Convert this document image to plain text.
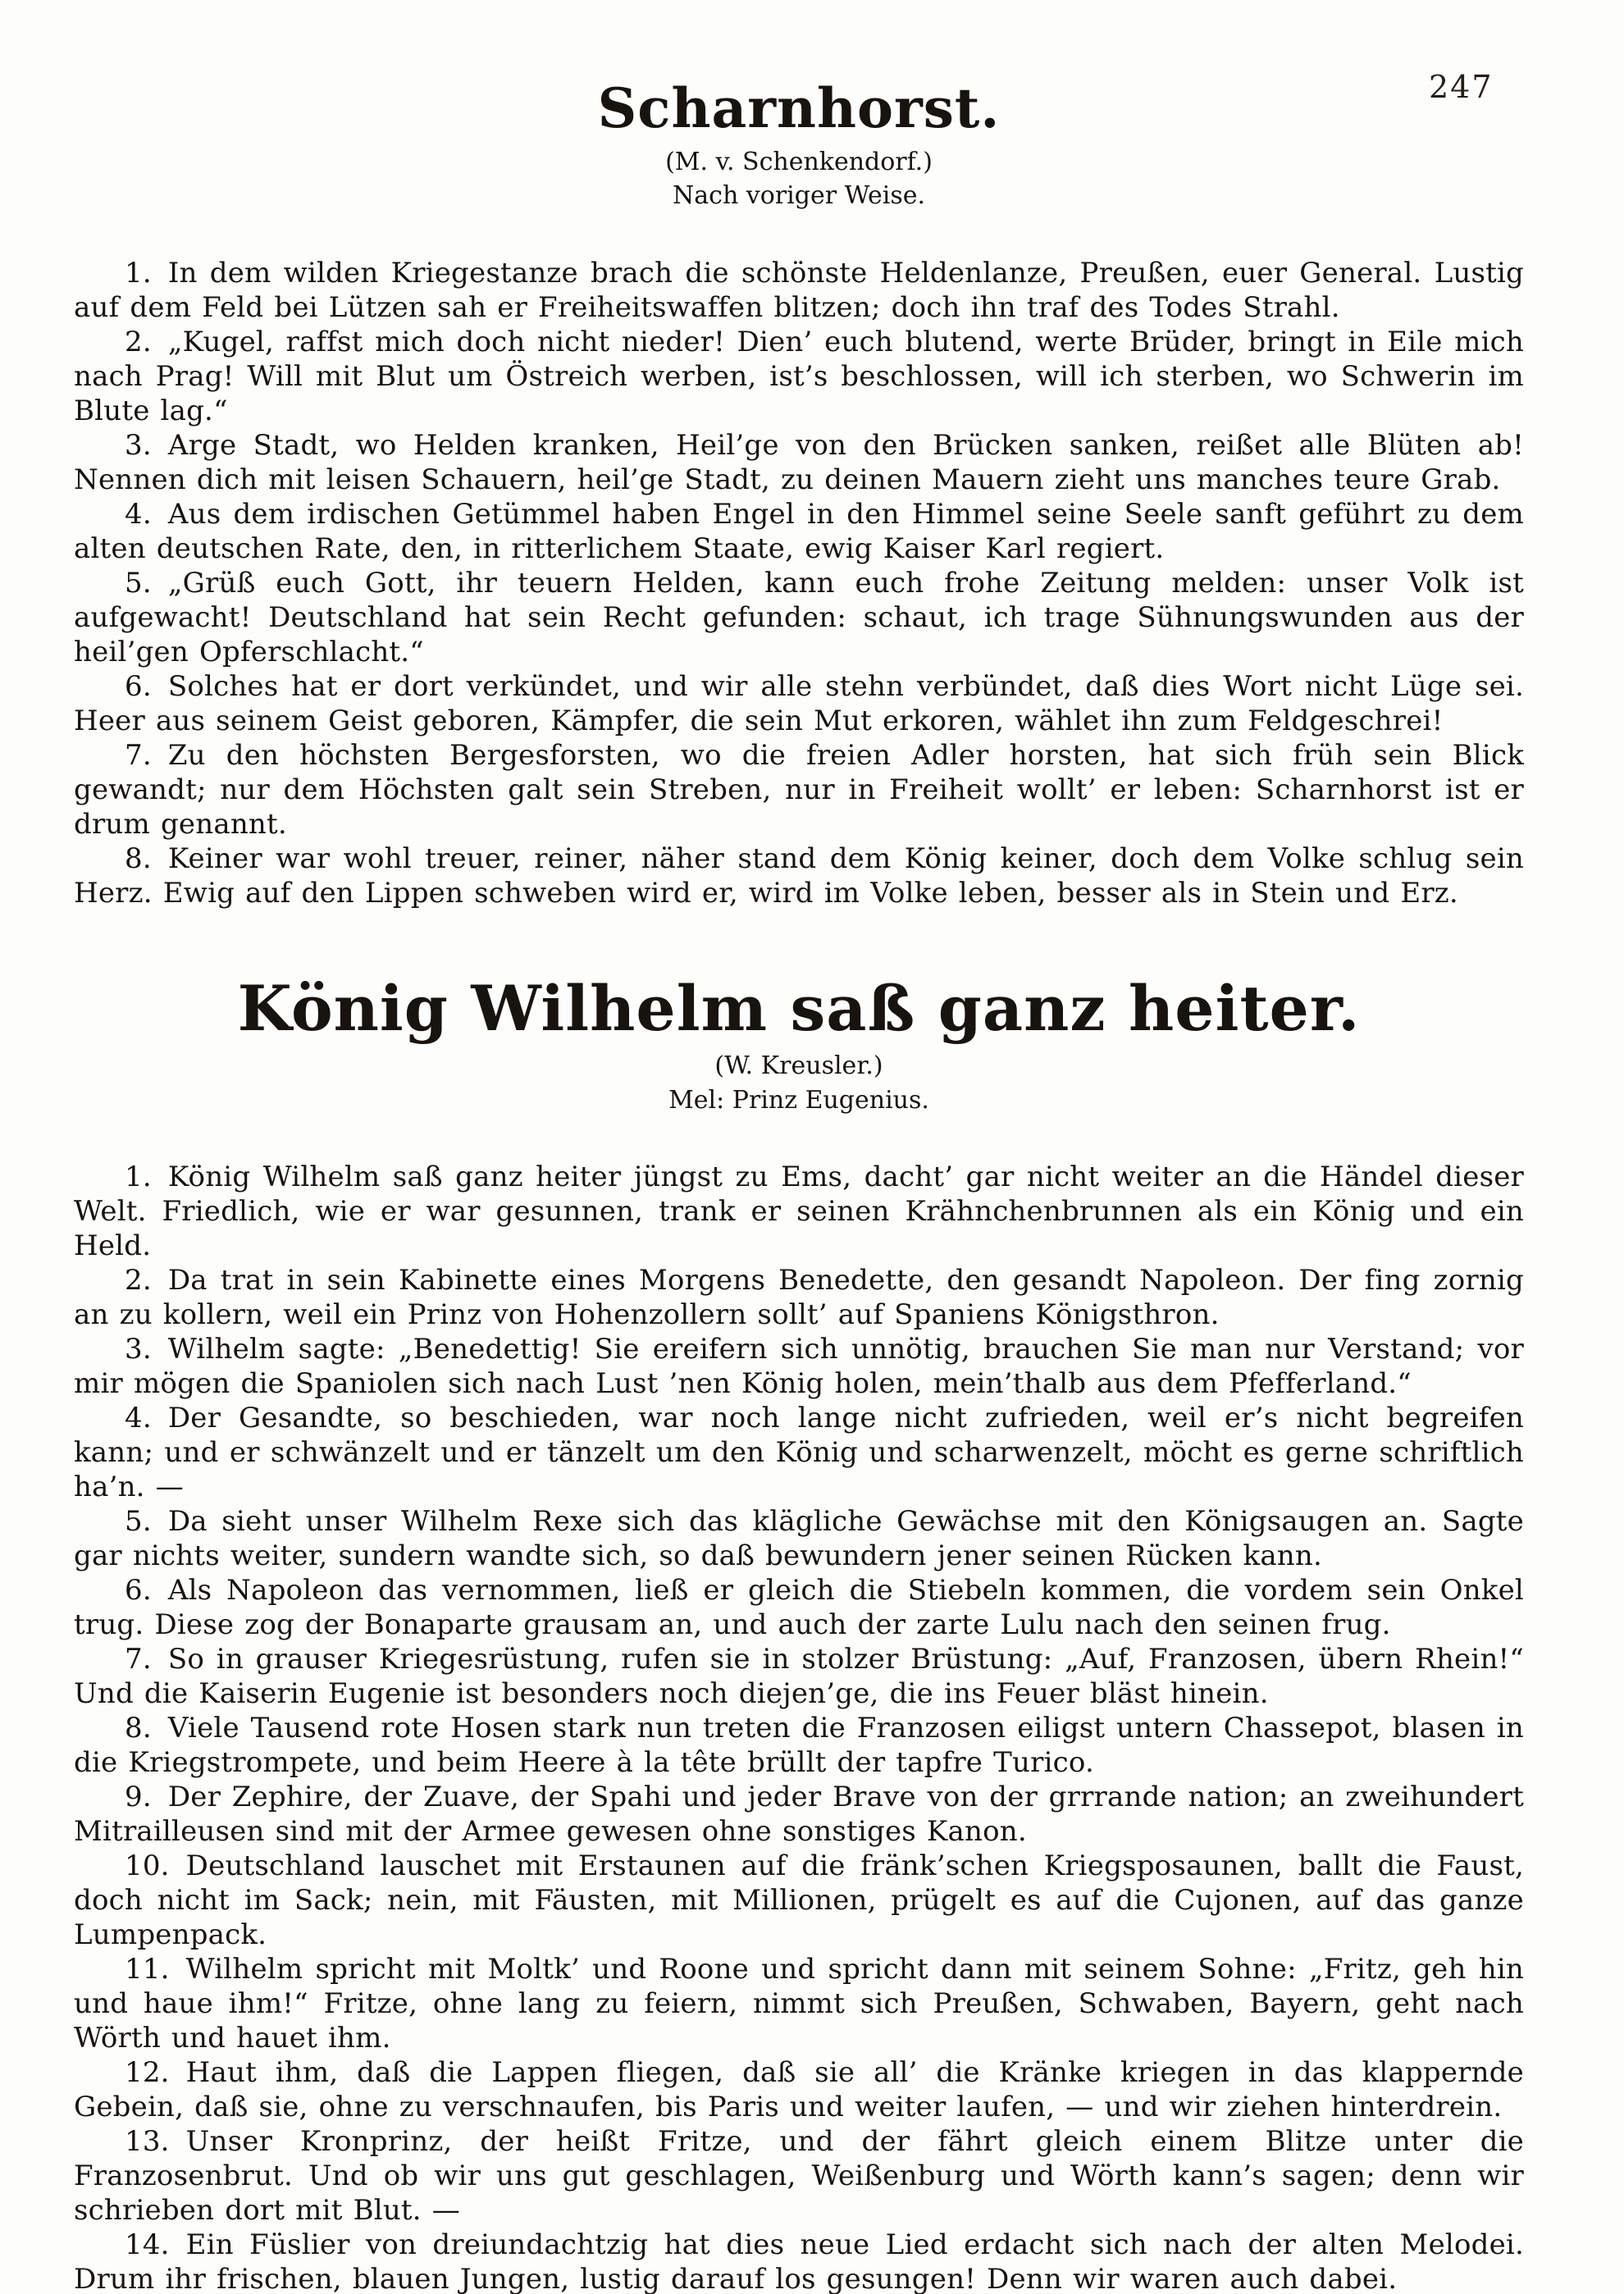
247
Scharnhorst.
(M. v. Schenkendorf.)
Nach voriger Weise.

1. In dem wilden Kriegestanze brach die schönste Heldenlanze, Preußen, euer General. Lustig auf dem Feld bei Lützen sah er Freiheitswaffen blitzen; doch ihn traf des Todes Strahl.

2. „Kugel, raffst mich doch nicht nieder! Dien’ euch blutend, werte Brüder, bringt in Eile mich nach Prag! Will mit Blut um Östreich werben, ist’s beschlossen, will ich sterben, wo Schwerin im Blute lag.“

3. Arge Stadt, wo Helden kranken, Heil’ge von den Brücken sanken, reißet alle Blüten ab! Nennen dich mit leisen Schauern, heil’ge Stadt, zu deinen Mauern zieht uns manches teure Grab.

4. Aus dem irdischen Getümmel haben Engel in den Himmel seine Seele sanft geführt zu dem alten deutschen Rate, den, in ritterlichem Staate, ewig Kaiser Karl regiert.

5. „Grüß euch Gott, ihr teuern Helden, kann euch frohe Zeitung melden: unser Volk ist aufgewacht! Deutschland hat sein Recht gefunden: schaut, ich trage Sühnungswunden aus der heil’gen Opferschlacht.“

6. Solches hat er dort verkündet, und wir alle stehn verbündet, daß dies Wort nicht Lüge sei. Heer aus seinem Geist geboren, Kämpfer, die sein Mut erkoren, wählet ihn zum Feldgeschrei!

7. Zu den höchsten Bergesforsten, wo die freien Adler horsten, hat sich früh sein Blick gewandt; nur dem Höchsten galt sein Streben, nur in Freiheit wollt’ er leben: Scharnhorst ist er drum genannt.

8. Keiner war wohl treuer, reiner, näher stand dem König keiner, doch dem Volke schlug sein Herz. Ewig auf den Lippen schweben wird er, wird im Volke leben, besser als in Stein und Erz.

König Wilhelm saß ganz heiter.
(W. Kreusler.)
Mel: Prinz Eugenius.

1. König Wilhelm saß ganz heiter jüngst zu Ems, dacht’ gar nicht weiter an die Händel dieser Welt. Friedlich, wie er war gesunnen, trank er seinen Krähnchenbrunnen als ein König und ein Held.

2. Da trat in sein Kabinette eines Morgens Benedette, den gesandt Napoleon. Der fing zornig an zu kollern, weil ein Prinz von Hohenzollern sollt’ auf Spaniens Königsthron.

3. Wilhelm sagte: „Benedettig! Sie ereifern sich unnötig, brauchen Sie man nur Verstand; vor mir mögen die Spaniolen sich nach Lust ’nen König holen, mein’thalb aus dem Pfefferland.“

4. Der Gesandte, so beschieden, war noch lange nicht zufrieden, weil er’s nicht begreifen kann; und er schwänzelt und er tänzelt um den König und scharwenzelt, möcht es gerne schriftlich ha’n. —

5. Da sieht unser Wilhelm Rexe sich das klägliche Gewächse mit den Königsaugen an. Sagte gar nichts weiter, sundern wandte sich, so daß bewundern jener seinen Rücken kann.

6. Als Napoleon das vernommen, ließ er gleich die Stiebeln kommen, die vordem sein Onkel trug. Diese zog der Bonaparte grausam an, und auch der zarte Lulu nach den seinen frug.

7. So in grauser Kriegesrüstung, rufen sie in stolzer Brüstung: „Auf, Franzosen, übern Rhein!“ Und die Kaiserin Eugenie ist besonders noch diejen’ge, die ins Feuer bläst hinein.

8. Viele Tausend rote Hosen stark nun treten die Franzosen eiligst untern Chassepot, blasen in die Kriegstrompete, und beim Heere à la tête brüllt der tapfre Turico.

9. Der Zephire, der Zuave, der Spahi und jeder Brave von der grrrande nation; an zweihundert Mitrailleusen sind mit der Armee gewesen ohne sonstiges Kanon.

10. Deutschland lauschet mit Erstaunen auf die fränk’schen Kriegsposaunen, ballt die Faust, doch nicht im Sack; nein, mit Fäusten, mit Millionen, prügelt es auf die Cujonen, auf das ganze Lumpenpack.

11. Wilhelm spricht mit Moltk’ und Roone und spricht dann mit seinem Sohne: „Fritz, geh hin und haue ihm!“ Fritze, ohne lang zu feiern, nimmt sich Preußen, Schwaben, Bayern, geht nach Wörth und hauet ihm.

12. Haut ihm, daß die Lappen fliegen, daß sie all’ die Kränke kriegen in das klappernde Gebein, daß sie, ohne zu verschnaufen, bis Paris und weiter laufen, — und wir ziehen hinterdrein.

13. Unser Kronprinz, der heißt Fritze, und der fährt gleich einem Blitze unter die Franzosenbrut. Und ob wir uns gut geschlagen, Weißenburg und Wörth kann’s sagen; denn wir schrieben dort mit Blut. —

14. Ein Füslier von dreiundachtzig hat dies neue Lied erdacht sich nach der alten Melodei. Drum ihr frischen, blauen Jungen, lustig darauf los gesungen! Denn wir waren auch dabei.
